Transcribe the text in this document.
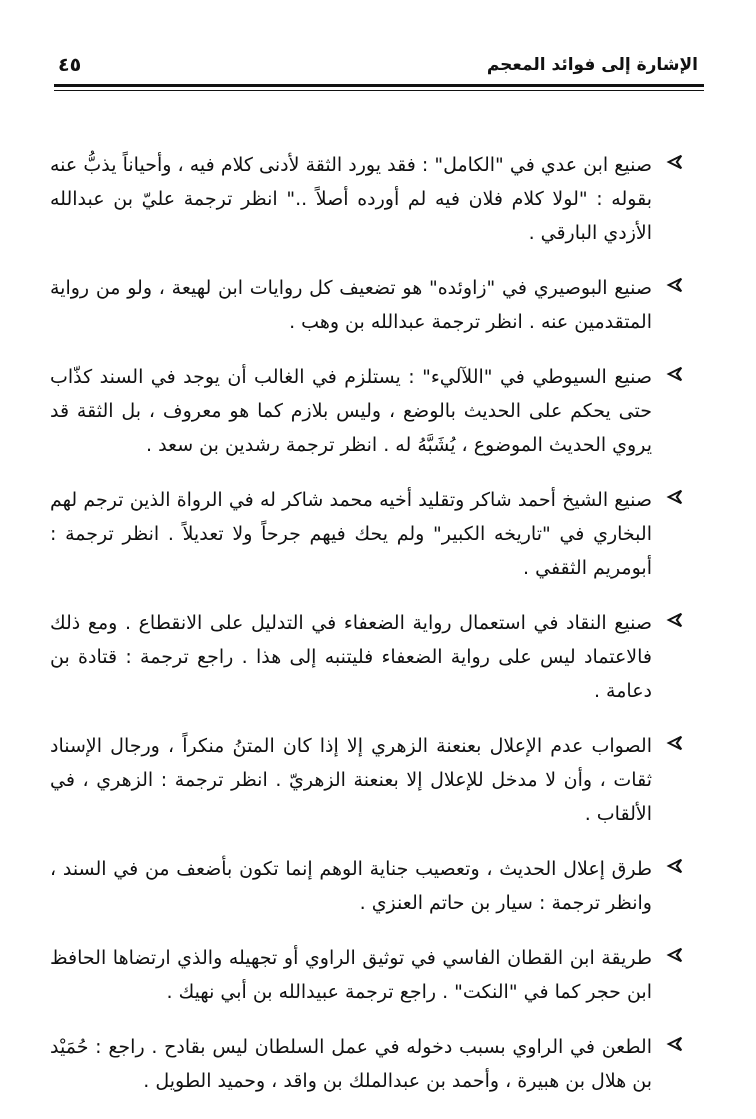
الإشارة إلى فوائد المعجم
٤٥
صنيع ابن عدي في "الكامل" : فقد يورد الثقة لأدنى كلام فيه ، وأحياناً يذبُّ عنه بقوله : "لولا كلام فلان فيه لم أورده أصلاً .." انظر ترجمة عليّ بن عبدالله الأزدي البارقي .
صنيع البوصيري في "زاوئده" هو تضعيف كل روايات ابن لهيعة ، ولو من رواية المتقدمين عنه . انظر ترجمة عبدالله بن وهب .
صنيع السيوطي في "اللآليء" : يستلزم في الغالب أن يوجد في السند كذّاب حتى يحكم على الحديث بالوضع ، وليس بلازم كما هو معروف ، بل الثقة قد يروي الحديث الموضوع ، يُشَبَّهُ له . انظر ترجمة رشدين بن سعد .
صنيع الشيخ أحمد شاكر وتقليد أخيه محمد شاكر له في الرواة الذين ترجم لهم البخاري في "تاريخه الكبير" ولم يحك فيهم جرحاً ولا تعديلاً . انظر ترجمة : أبومريم الثقفي .
صنيع النقاد في استعمال رواية الضعفاء في التدليل على الانقطاع . ومع ذلك فالاعتماد ليس على رواية الضعفاء فليتنبه إلى هذا . راجع ترجمة : قتادة بن دعامة .
الصواب عدم الإعلال بعنعنة الزهري إلا إذا كان المتنُ منكراً ، ورجال الإسناد ثقات ، وأن لا مدخل للإعلال إلا بعنعنة الزهريّ . انظر ترجمة : الزهري ، في الألقاب .
طرق إعلال الحديث ، وتعصيب جناية الوهم إنما تكون بأضعف من في السند ، وانظر ترجمة : سيار بن حاتم العنزي .
طريقة ابن القطان الفاسي في توثيق الراوي أو تجهيله والذي ارتضاها الحافظ ابن حجر كما في "النكت" . راجع ترجمة عبيدالله بن أبي نهيك .
الطعن في الراوي بسبب دخوله في عمل السلطان ليس بقادح . راجع : حُمَيْد بن هلال بن هبيرة ، وأحمد بن عبدالملك بن واقد ، وحميد الطويل .
